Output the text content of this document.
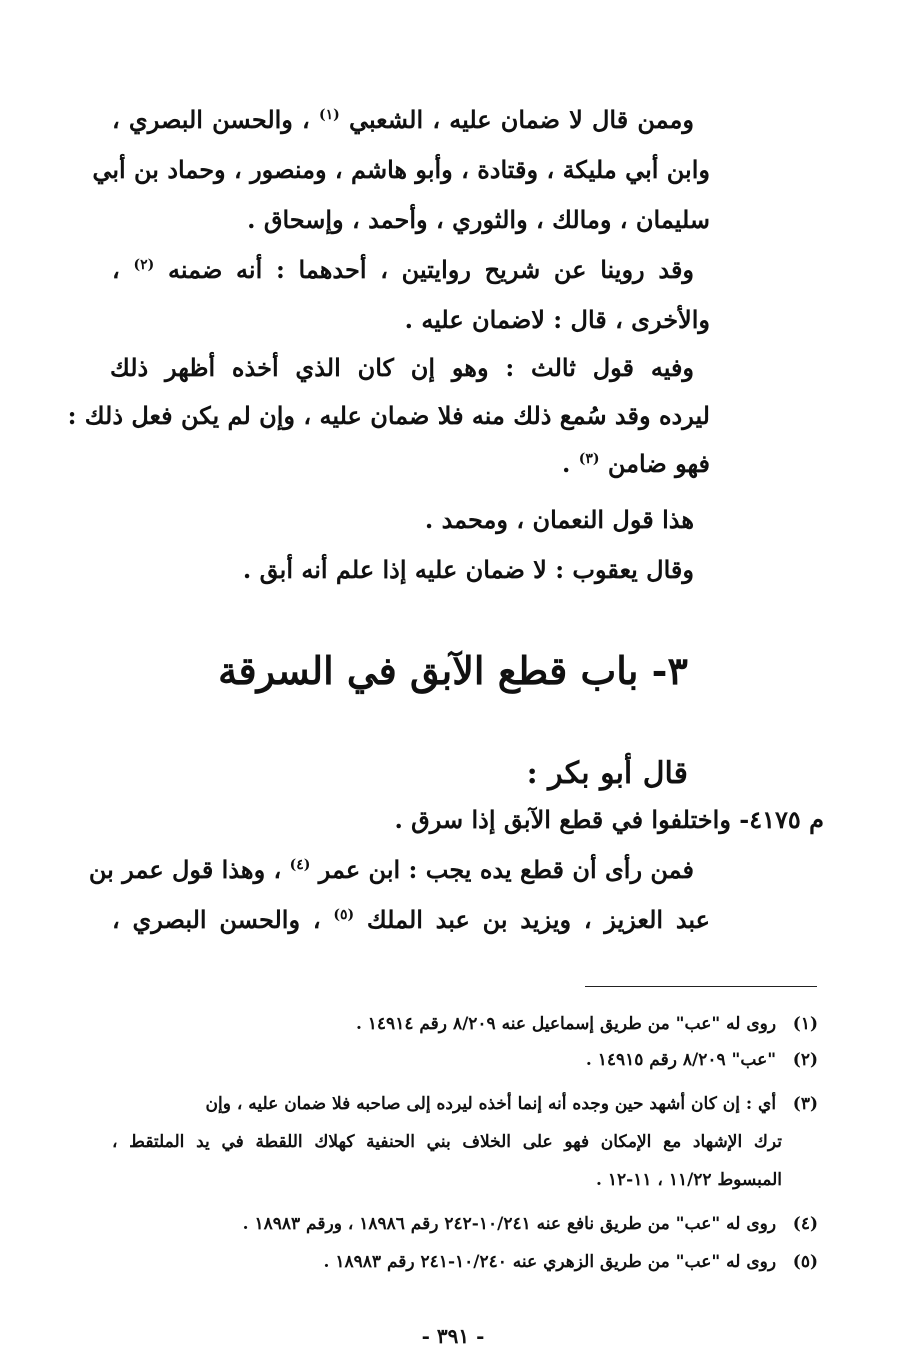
وممن قال لا ضمان عليه ، الشعبي $^{(١)}$ ، والحسن البصري ،
وابن أبي مليكة ، وقتادة ، وأبو هاشم ، ومنصور ، وحماد بن أبي
سليمان ، ومالك ، والثوري ، وأحمد ، وإسحاق .
وقد روينا عن شريح روايتين ، أحدهما : أنه ضمنه $^{(٢)}$ ،
والأخرى ، قال : لاضمان عليه .
وفيه قول ثالث : وهو إن كان الذي أخذه أظهر ذلك
ليرده وقد سُمع ذلك منه فلا ضمان عليه ، وإن لم يكن فعل ذلك :
فهو ضامن $^{(٣)}$ .
هذا قول النعمان ، ومحمد .
وقال يعقوب : لا ضمان عليه إذا علم أنه أبق .
٣- باب قطع الآبق في السرقة
قال أبو بكر :
م ٤١٧٥- واختلفوا في قطع الآبق إذا سرق .
فمن رأى أن قطع يده يجب : ابن عمر $^{(٤)}$ ، وهذا قول عمر بن
عبد العزيز ، ويزيد بن عبد الملك $^{(٥)}$ ، والحسن البصري ،
(١) روى له "عب" من طريق إسماعيل عنه ٨/٢٠٩ رقم ١٤٩١٤ .
(٢) "عب" ٨/٢٠٩ رقم ١٤٩١٥ .
(٣) أي : إن كان أشهد حين وجده أنه إنما أخذه ليرده إلى صاحبه فلا ضمان عليه ، وإن
ترك الإشهاد مع الإمكان فهو على الخلاف بني الحنفية كهلاك اللقطة في يد الملتقط ،
المبسوط ١١/٢٢ ، ١١-١٢ .
(٤) روى له "عب" من طريق نافع عنه ١٠/٢٤١-٢٤٢ رقم ١٨٩٨٦ ، ورقم ١٨٩٨٣ .
(٥) روى له "عب" من طريق الزهري عنه ١٠/٢٤٠-٢٤١ رقم ١٨٩٨٣ .
- ٣٩١ -
